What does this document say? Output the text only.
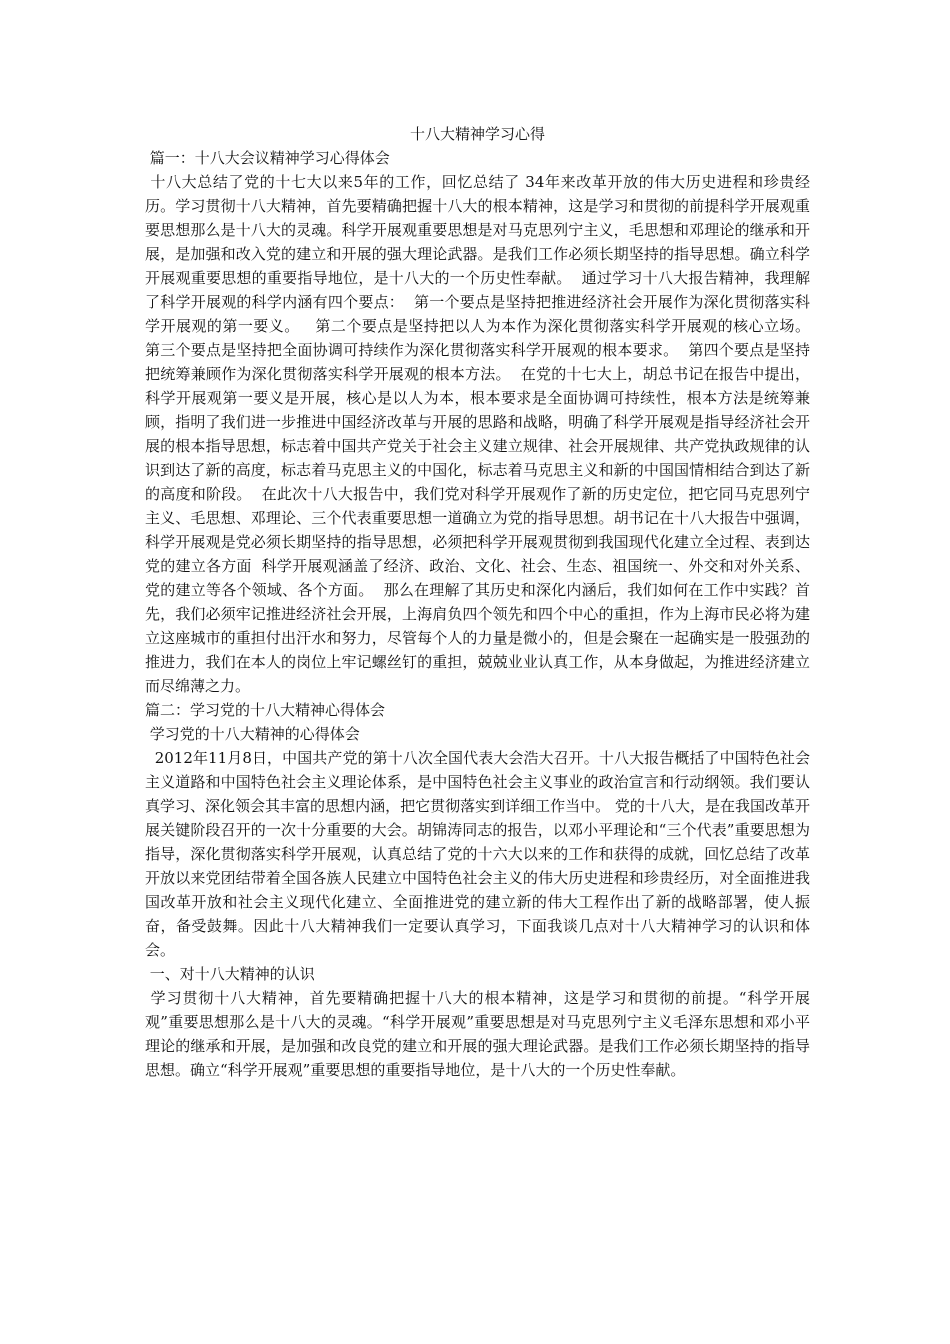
十八大精神学习心得

篇一：十八大会议精神学习心得体会

十八大总结了党的十七大以来5年的工作，回忆总结了 34年来改革开放的伟大历史进程和珍贵经历。学习贯彻十八大精神，首先要精确把握十八大的根本精神，这是学习和贯彻的前提科学开展观重要思想那么是十八大的灵魂。科学开展观重要思想是对马克思列宁主义，毛思想和邓理论的继承和开展，是加强和改入党的建立和开展的强大理论武器。是我们工作必须长期坚持的指导思想。确立科学开展观重要思想的重要指导地位，是十八大的一个历史性奉献。  通过学习十八大报告精神，我理解了科学开展观的科学内涵有四个要点：  第一个要点是坚持把推进经济社会开展作为深化贯彻落实科学开展观的第一要义。   第二个要点是坚持把以人为本作为深化贯彻落实科学开展观的核心立场。  第三个要点是坚持把全面协调可持续作为深化贯彻落实科学开展观的根本要求。  第四个要点是坚持把统筹兼顾作为深化贯彻落实科学开展观的根本方法。  在党的十七大上，胡总书记在报告中提出，科学开展观第一要义是开展，核心是以人为本，根本要求是全面协调可持续性，根本方法是统筹兼顾，指明了我们进一步推进中国经济改革与开展的思路和战略，明确了科学开展观是指导经济社会开展的根本指导思想，标志着中国共产党关于社会主义建立规律、社会开展规律、共产党执政规律的认识到达了新的高度，标志着马克思主义的中国化，标志着马克思主义和新的中国国情相结合到达了新的高度和阶段。  在此次十八大报告中，我们党对科学开展观作了新的历史定位，把它同马克思列宁主义、毛思想、邓理论、三个代表重要思想一道确立为党的指导思想。胡书记在十八大报告中强调，科学开展观是党必须长期坚持的指导思想，必须把科学开展观贯彻到我国现代化建立全过程、表到达党的建立各方面  科学开展观涵盖了经济、政治、文化、社会、生态、祖国统一、外交和对外关系、党的建立等各个领域、各个方面。  那么在理解了其历史和深化内涵后，我们如何在工作中实践？首先，我们必须牢记推进经济社会开展，上海肩负四个领先和四个中心的重担，作为上海市民必将为建立这座城市的重担付出汗水和努力，尽管每个人的力量是微小的，但是会聚在一起确实是一股强劲的推进力，我们在本人的岗位上牢记螺丝钉的重担，兢兢业业认真工作，从本身做起，为推进经济建立而尽绵薄之力。

篇二：学习党的十八大精神心得体会

学习党的十八大精神的心得体会

2012年11月8日，中国共产党的第十八次全国代表大会浩大召开。十八大报告概括了中国特色社会主义道路和中国特色社会主义理论体系，是中国特色社会主义事业的政治宣言和行动纲领。我们要认真学习、深化领会其丰富的思想内涵，把它贯彻落实到详细工作当中。 党的十八大，是在我国改革开展关键阶段召开的一次十分重要的大会。胡锦涛同志的报告，以邓小平理论和“三个代表”重要思想为指导，深化贯彻落实科学开展观，认真总结了党的十六大以来的工作和获得的成就，回忆总结了改革开放以来党团结带着全国各族人民建立中国特色社会主义的伟大历史进程和珍贵经历，对全面推进我国改革开放和社会主义现代化建立、全面推进党的建立新的伟大工程作出了新的战略部署，使人振奋，备受鼓舞。因此十八大精神我们一定要认真学习，下面我谈几点对十八大精神学习的认识和体会。

一、对十八大精神的认识

学习贯彻十八大精神，首先要精确把握十八大的根本精神，这是学习和贯彻的前提。“科学开展观”重要思想那么是十八大的灵魂。“科学开展观”重要思想是对马克思列宁主义毛泽东思想和邓小平理论的继承和开展，是加强和改良党的建立和开展的强大理论武器。是我们工作必须长期坚持的指导思想。确立“科学开展观”重要思想的重要指导地位，是十八大的一个历史性奉献。
